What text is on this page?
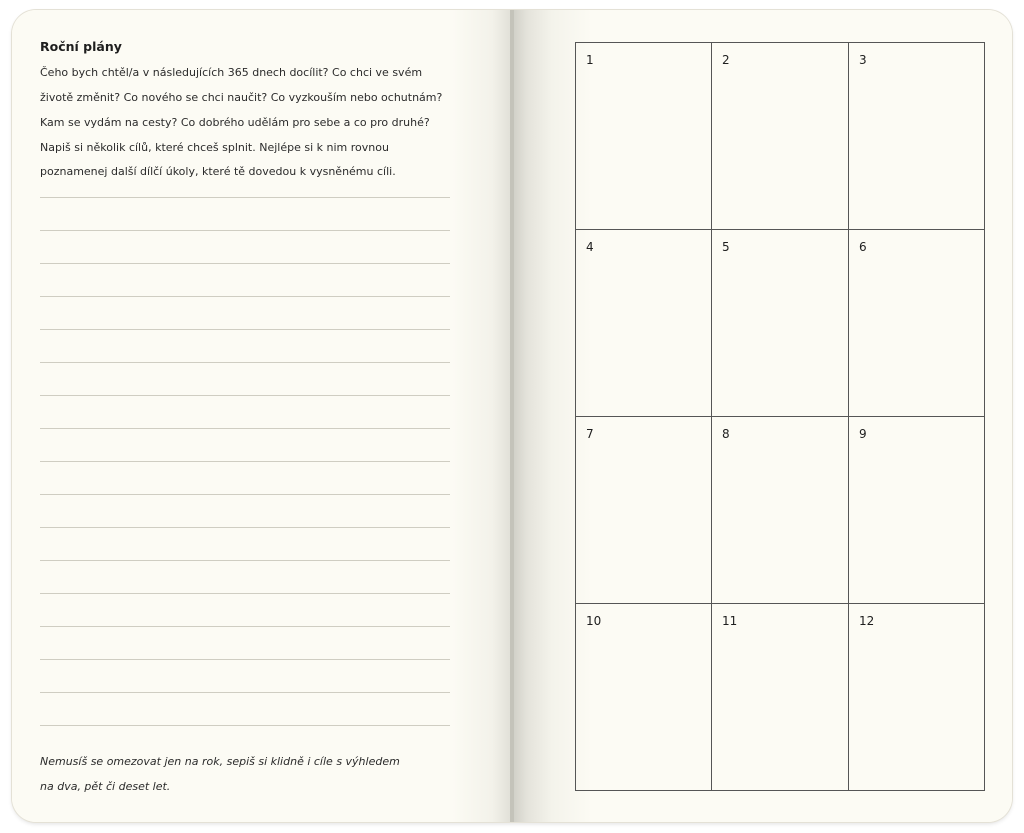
Roční plány
Čeho bych chtěl/a v následujících 365 dnech docílit? Co chci ve svém
životě změnit? Co nového se chci naučit? Co vyzkouším nebo ochutnám?
Kam se vydám na cesty? Co dobrého udělám pro sebe a co pro druhé?
Napiš si několik cílů, které chceš splnit. Nejlépe si k nim rovnou
poznamenej další dílčí úkoly, které tě dovedou k vysněnému cíli.
Nemusíš se omezovat jen na rok, sepiš si klidně i cíle s výhledem
na dva, pět či deset let.
1	2	3
4	5	6
7	8	9
10	11	12
